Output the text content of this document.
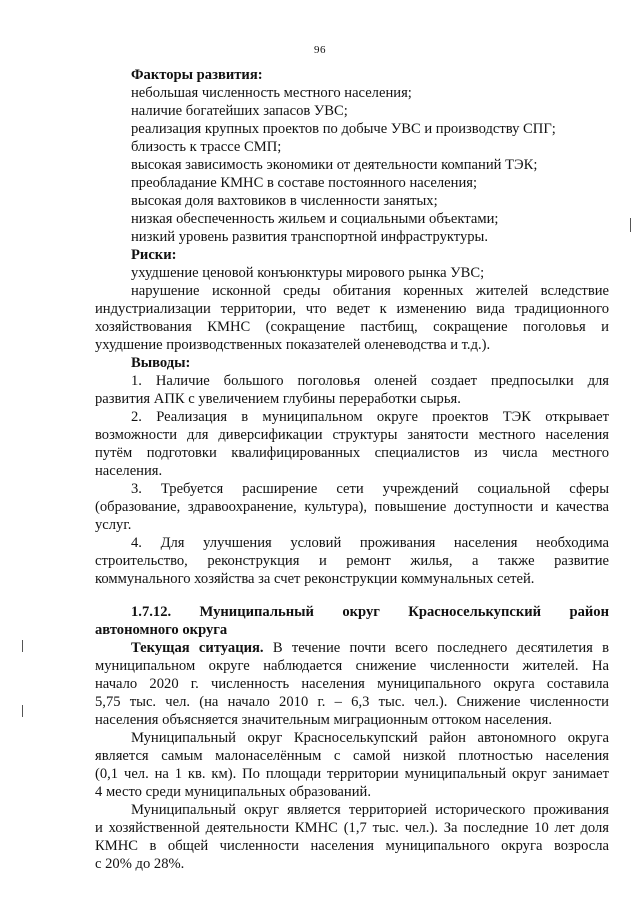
96
Факторы развития:
небольшая численность местного населения;
наличие богатейших запасов УВС;
реализация крупных проектов по добыче УВС и производству СПГ;
близость к трассе СМП;
высокая зависимость экономики от деятельности компаний ТЭК;
преобладание КМНС в составе постоянного населения;
высокая доля вахтовиков в численности занятых;
низкая обеспеченность жильем и социальными объектами;
низкий уровень развития транспортной инфраструктуры.
Риски:
ухудшение ценовой конъюнктуры мирового рынка УВС;
нарушение исконной среды обитания коренных жителей вследствие
индустриализации территории, что ведет к изменению вида традиционного
хозяйствования КМНС (сокращение пастбищ, сокращение поголовья и
ухудшение производственных показателей оленеводства и т.д.).
Выводы:
1. Наличие большого поголовья оленей создает предпосылки для
развития АПК с увеличением глубины переработки сырья.
2. Реализация в муниципальном округе проектов ТЭК открывает
возможности для диверсификации структуры занятости местного населения
путём подготовки квалифицированных специалистов из числа местного
населения.
3. Требуется расширение сети учреждений социальной сферы
(образование, здравоохранение, культура), повышение доступности и качества
услуг.
4. Для улучшения условий проживания населения необходима
строительство, реконструкция и ремонт жилья, а также развитие
коммунального хозяйства за счет реконструкции коммунальных сетей.
1.7.12. Муниципальный округ Красноселькупский район
автономного округа
Текущая ситуация. В течение почти всего последнего десятилетия в
муниципальном округе наблюдается снижение численности жителей. На
начало 2020 г. численность населения муниципального округа составила
5,75 тыс. чел. (на начало 2010 г. – 6,3 тыс. чел.). Снижение численности
населения объясняется значительным миграционным оттоком населения.
Муниципальный округ Красноселькупский район автономного округа
является самым малонаселённым с самой низкой плотностью населения
(0,1 чел. на 1 кв. км). По площади территории муниципальный округ занимает
4 место среди муниципальных образований.
Муниципальный округ является территорией исторического проживания
и хозяйственной деятельности КМНС (1,7 тыс. чел.). За последние 10 лет доля
КМНС в общей численности населения муниципального округа возросла
с 20% до 28%.
